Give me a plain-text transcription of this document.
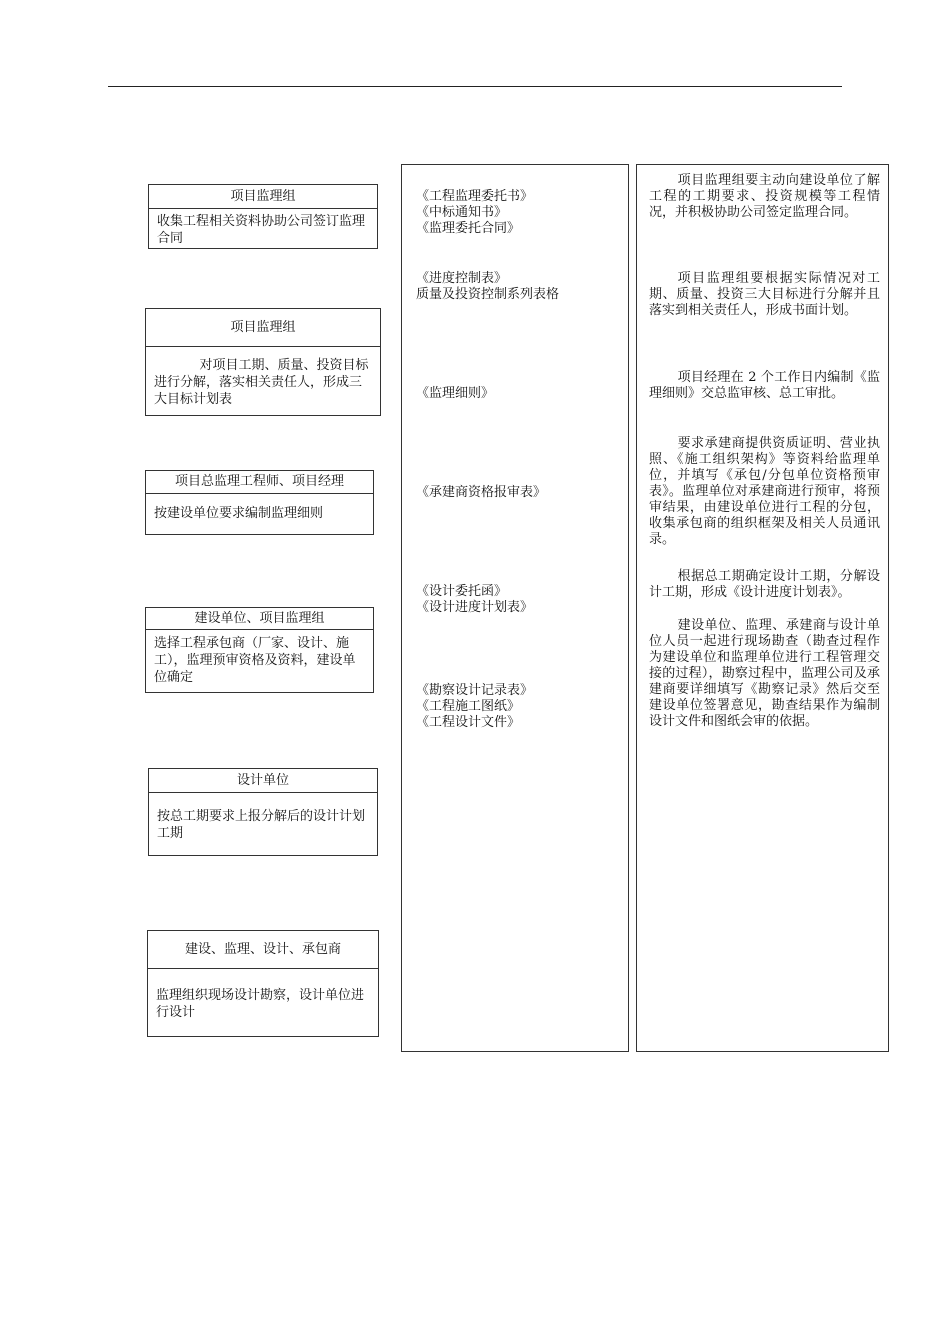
项目监理组
收集工程相关资料协助公司签订监理合同
项目监理组
对项目工期、质量、投资目标进行分解，落实相关责任人，形成三大目标计划表
项目总监理工程师、项目经理
按建设单位要求编制监理细则
建设单位、项目监理组
选择工程承包商（厂家、设计、施工），监理预审资格及资料，建设单位确定
设计单位
按总工期要求上报分解后的设计计划工期
建设、监理、设计、承包商
监理组织现场设计勘察，设计单位进行设计
《工程监理委托书》
《中标通知书》
《监理委托合同》
《进度控制表》
质量及投资控制系列表格
《监理细则》
《承建商资格报审表》
《设计委托函》
《设计进度计划表》
《勘察设计记录表》
《工程施工图纸》
《工程设计文件》
项目监理组要主动向建设单位了解工程的工期要求、投资规模等工程情况，并积极协助公司签定监理合同。
项目监理组要根据实际情况对工期、质量、投资三大目标进行分解并且落实到相关责任人，形成书面计划。
项目经理在 2 个工作日内编制《监理细则》交总监审核、总工审批。
要求承建商提供资质证明、营业执照、《施工组织架构》等资料给监理单位，并填写《承包/分包单位资格预审表》。监理单位对承建商进行预审，将预审结果，由建设单位进行工程的分包，收集承包商的组织框架及相关人员通讯录。
根据总工期确定设计工期，分解设计工期，形成《设计进度计划表》。
建设单位、监理、承建商与设计单位人员一起进行现场勘查（勘查过程作为建设单位和监理单位进行工程管理交接的过程），勘察过程中，监理公司及承建商要详细填写《勘察记录》然后交至建设单位签署意见，勘查结果作为编制设计文件和图纸会审的依据。
